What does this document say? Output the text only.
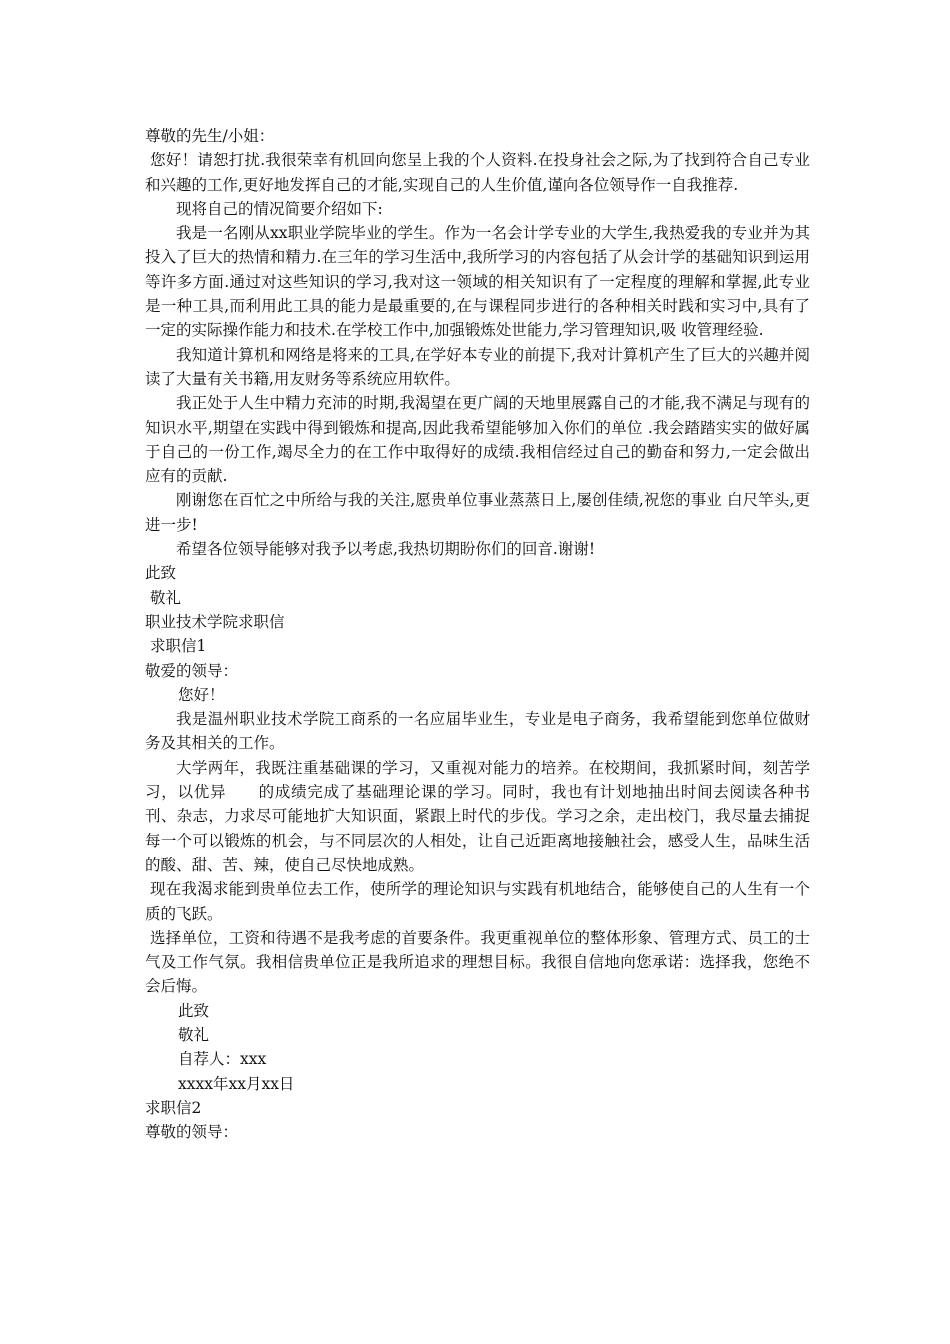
尊敬的先生/小姐：

您好！请恕打扰.我很荣幸有机回向您呈上我的个人资料.在投身社会之际,为了找到符合自己专业和兴趣的工作,更好地发挥自己的才能,实现自己的人生价值,谨向各位领导作一自我推荐.

现将自己的情况简要介绍如下:

我是一名刚从xx职业学院毕业的学生。作为一名会计学专业的大学生,我热爱我的专业并为其投入了巨大的热情和精力.在三年的学习生活中,我所学习的内容包括了从会计学的基础知识到运用等许多方面.通过对这些知识的学习,我对这一领域的相关知识有了一定程度的理解和掌握,此专业是一种工具,而利用此工具的能力是最重要的,在与课程同步进行的各种相关时践和实习中,具有了一定的实际操作能力和技术.在学校工作中,加强锻炼处世能力,学习管理知识,吸 收管理经验.

我知道计算机和网络是将来的工具,在学好本专业的前提下,我对计算机产生了巨大的兴趣并阅读了大量有关书籍,用友财务等系统应用软件。

我正处于人生中精力充沛的时期,我渴望在更广阔的天地里展露自己的才能,我不满足与现有的知识水平,期望在实践中得到锻炼和提高,因此我希望能够加入你们的单位 .我会踏踏实实的做好属于自己的一份工作,竭尽全力的在工作中取得好的成绩.我相信经过自己的勤奋和努力,一定会做出应有的贡献.

刚谢您在百忙之中所给与我的关注,愿贵单位事业蒸蒸日上,屡创佳绩,祝您的事业 白尺竿头,更进一步!

希望各位领导能够对我予以考虑,我热切期盼你们的回音.谢谢!

此致

敬礼

职业技术学院求职信

求职信1

敬爱的领导：

您好！

我是温州职业技术学院工商系的一名应届毕业生，专业是电子商务，我希望能到您单位做财务及其相关的工作。

大学两年，我既注重基础课的学习，又重视对能力的培养。在校期间，我抓紧时间，刻苦学习，以优异　　的成绩完成了基础理论课的学习。同时，我也有计划地抽出时间去阅读各种书刊、杂志，力求尽可能地扩大知识面，紧跟上时代的步伐。学习之余，走出校门，我尽量去捕捉每一个可以锻炼的机会，与不同层次的人相处，让自己近距离地接触社会，感受人生，品味生活的酸、甜、苦、辣，使自己尽快地成熟。

现在我渴求能到贵单位去工作，使所学的理论知识与实践有机地结合，能够使自己的人生有一个质的飞跃。

选择单位，工资和待遇不是我考虑的首要条件。我更重视单位的整体形象、管理方式、员工的士气及工作气氛。我相信贵单位正是我所追求的理想目标。我很自信地向您承诺：选择我，您绝不会后悔。

此致

敬礼

自荐人：xxx

xxxx年xx月xx日

求职信2

尊敬的领导：
